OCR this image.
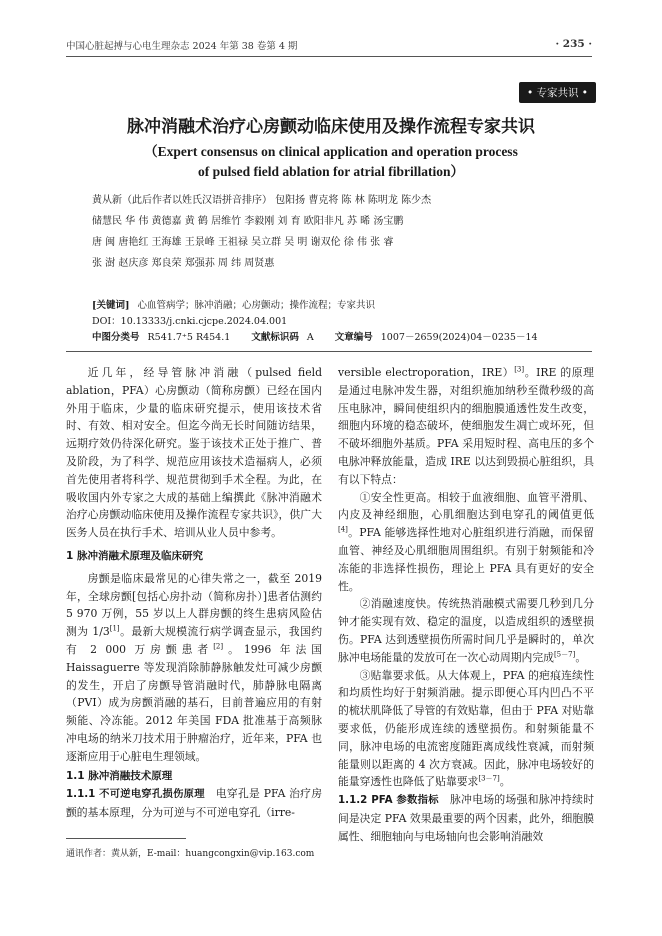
中国心脏起搏与心电生理杂志 2024 年第 38 卷第 4 期	· 235 ·
• 专家共识 •
脉冲消融术治疗心房颤动临床使用及操作流程专家共识
（Expert consensus on clinical application and operation process
of pulsed field ablation for atrial fibrillation）
黄从新（此后作者以姓氏汉语拼音排序） 包阳扬 曹克将 陈 林 陈明龙 陈少杰
储慧民 华 伟 黄德嘉 黄 鹤 居维竹 李毅刚 刘 育 欧阳非凡 苏 晞 汤宝鹏
唐 闽 唐艳红 王海雄 王景峰 王祖禄 吴立群 吴 明 谢双伦 徐 伟 张 睿
张 澍 赵庆彦 郑良荣 郑强荪 周 纬 周贤惠
[关键词] 心血管病学；脉冲消融；心房颤动；操作流程；专家共识
DOI：10.13333/j.cnki.cjcpe.2024.04.001
中图分类号 R541.7⁺5 R454.1 文献标识码 A 文章编号 1007－2659(2024)04－0235－14

近几年，经导管脉冲消融（pulsed field ablation，PFA）心房颤动（简称房颤）已经在国内外用于临床，少量的临床研究提示，使用该技术省时、有效、相对安全。但迄今尚无长时间随访结果，远期疗效仍待深化研究。鉴于该技术正处于推广、普及阶段，为了科学、规范应用该技术造福病人，必须首先使用者将科学、规范贯彻到手术全程。为此，在吸收国内外专家之大成的基础上编撰此《脉冲消融术治疗心房颤动临床使用及操作流程专家共识》，供广大医务人员在执行手术、培训从业人员中参考。

1 脉冲消融术原理及临床研究

房颤是临床最常见的心律失常之一，截至 2019 年，全球房颤[包括心房扑动（简称房扑）]患者估测约 5 970 万例，55 岁以上人群房颤的终生患病风险估测为 1/3[1]。最新大规模流行病学调查显示，我国约有 2 000 万房颤患者[2]。1996 年法国 Haissaguerre 等发现消除肺静脉触发灶可减少房颤的发生，开启了房颤导管消融时代，肺静脉电隔离（PVI）成为房颤消融的基石，目前普遍应用的有射频能、冷冻能。2012 年美国 FDA 批准基于高频脉冲电场的纳米刀技术用于肿瘤治疗，近年来，PFA 也逐渐应用于心脏电生理领域。

1.1 脉冲消融技术原理

1.1.1 不可逆电穿孔损伤原理 电穿孔是 PFA 治疗房颤的基本原理，分为可逆与不可逆电穿孔（irre-

versible electroporation，IRE）[3]。IRE 的原理是通过电脉冲发生器，对组织施加纳秒至微秒级的高压电脉冲，瞬间使组织内的细胞膜通透性发生改变，细胞内环境的稳态破坏，使细胞发生凋亡或坏死，但不破坏细胞外基质。PFA 采用短时程、高电压的多个电脉冲释放能量，造成 IRE 以达到毁损心脏组织，具有以下特点：

①安全性更高。相较于血液细胞、血管平滑肌、内皮及神经细胞，心肌细胞达到电穿孔的阈值更低[4]。PFA 能够选择性地对心脏组织进行消融，而保留血管、神经及心肌细胞周围组织。有别于射频能和冷冻能的非选择性损伤，理论上 PFA 具有更好的安全性。

②消融速度快。传统热消融模式需要几秒到几分钟才能实现有效、稳定的温度，以造成组织的透壁损伤。PFA 达到透壁损伤所需时间几乎是瞬时的，单次脉冲电场能量的发放可在一次心动周期内完成[5－7]。

③贴靠要求低。从大体观上，PFA 的疤痕连续性和均质性均好于射频消融。提示即便心耳内凹凸不平的梳状肌降低了导管的有效贴靠，但由于 PFA 对贴靠要求低，仍能形成连续的透壁损伤。和射频能量不同，脉冲电场的电流密度随距离成线性衰减，而射频能量则以距离的 4 次方衰减。因此，脉冲电场较好的能量穿透性也降低了贴靠要求[3－7]。

1.1.2 PFA 参数指标 脉冲电场的场强和脉冲持续时间是决定 PFA 效果最重要的两个因素，此外，细胞膜属性、细胞轴向与电场轴向也会影响消融效

通讯作者：黄从新，E-mail：huangcongxin@vip.163.com
